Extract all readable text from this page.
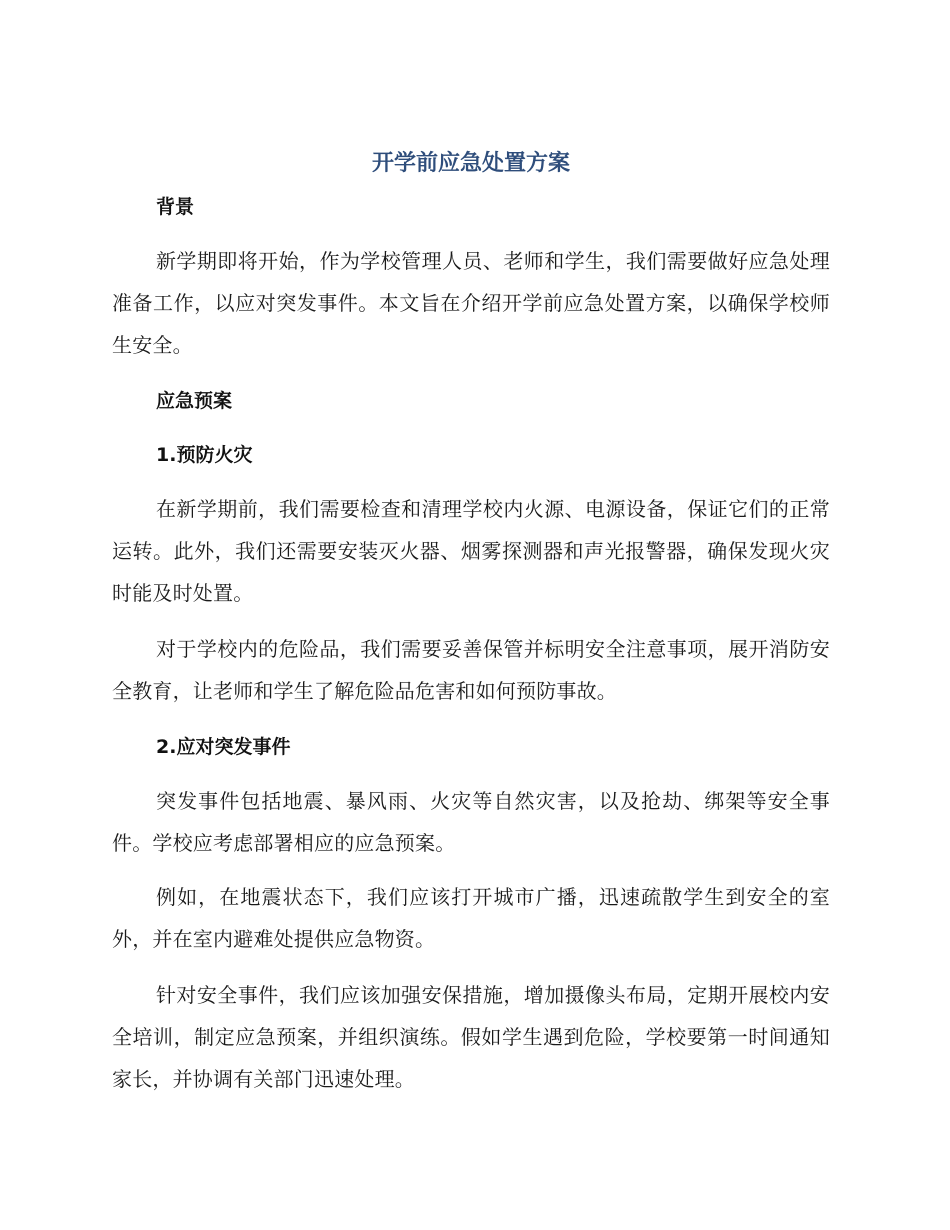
开学前应急处置方案
背景

新学期即将开始，作为学校管理人员、老师和学生，我们需要做好应急处理准备工作，以应对突发事件。本文旨在介绍开学前应急处置方案，以确保学校师生安全。

应急预案
1.预防火灾

在新学期前，我们需要检查和清理学校内火源、电源设备，保证它们的正常运转。此外，我们还需要安装灭火器、烟雾探测器和声光报警器，确保发现火灾时能及时处置。

对于学校内的危险品，我们需要妥善保管并标明安全注意事项，展开消防安全教育，让老师和学生了解危险品危害和如何预防事故。

2.应对突发事件

突发事件包括地震、暴风雨、火灾等自然灾害，以及抢劫、绑架等安全事件。学校应考虑部署相应的应急预案。

例如，在地震状态下，我们应该打开城市广播，迅速疏散学生到安全的室外，并在室内避难处提供应急物资。

针对安全事件，我们应该加强安保措施，增加摄像头布局，定期开展校内安全培训，制定应急预案，并组织演练。假如学生遇到危险，学校要第一时间通知家长，并协调有关部门迅速处理。
